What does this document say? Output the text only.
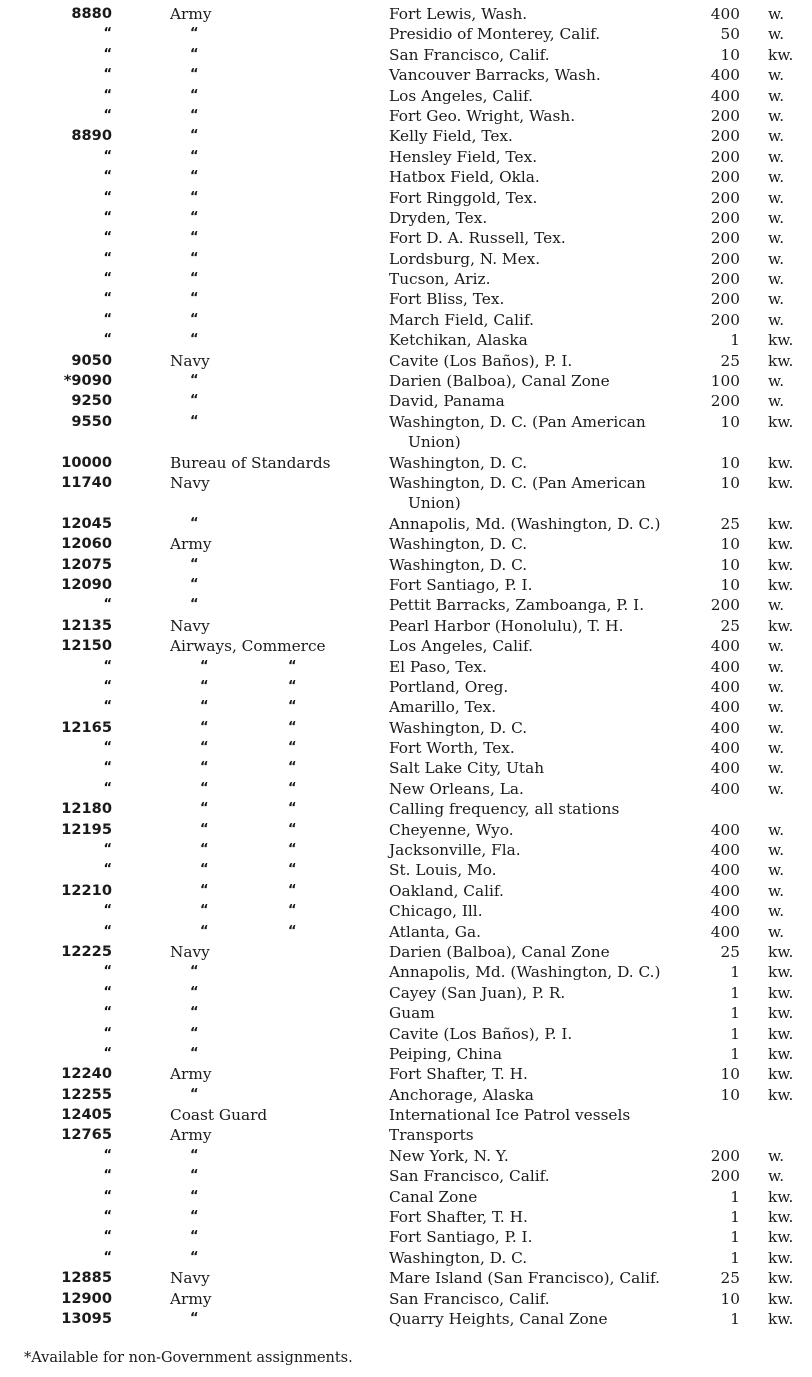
8880	Army	Fort Lewis, Wash.	400 w.
“	“	Presidio of Monterey, Calif.	50 w.
“	“	San Francisco, Calif.	10 kw.
“	“	Vancouver Barracks, Wash.	400 w.
“	“	Los Angeles, Calif.	400 w.
“	“	Fort Geo. Wright, Wash.	200 w.
8890	“	Kelly Field, Tex.	200 w.
“	“	Hensley Field, Tex.	200 w.
“	“	Hatbox Field, Okla.	200 w.
“	“	Fort Ringgold, Tex.	200 w.
“	“	Dryden, Tex.	200 w.
“	“	Fort D. A. Russell, Tex.	200 w.
“	“	Lordsburg, N. Mex.	200 w.
“	“	Tucson, Ariz.	200 w.
“	“	Fort Bliss, Tex.	200 w.
“	“	March Field, Calif.	200 w.
“	“	Ketchikan, Alaska	1 kw.
9050	Navy	Cavite (Los Baños), P. I.	25 kw.
*9090	“	Darien (Balboa), Canal Zone	100 w.
9250	“	David, Panama	200 w.
9550	“	Washington, D. C. (Pan American	10 kw.
Union)
10000	Bureau of Standards	Washington, D. C.	10 kw.
11740	Navy	Washington, D. C. (Pan American	10 kw.
Union)
12045	“	Annapolis, Md. (Washington, D. C.)	25 kw.
12060	Army	Washington, D. C.	10 kw.
12075	“	Washington, D. C.	10 kw.
12090	“	Fort Santiago, P. I.	10 kw.
“	“	Pettit Barracks, Zamboanga, P. I.	200 w.
12135	Navy	Pearl Harbor (Honolulu), T. H.	25 kw.
12150	Airways, Commerce	Los Angeles, Calif.	400 w.
“	“	“	El Paso, Tex.	400 w.
“	“	“	Portland, Oreg.	400 w.
“	“	“	Amarillo, Tex.	400 w.
12165	“	“	Washington, D. C.	400 w.
“	“	“	Fort Worth, Tex.	400 w.
“	“	“	Salt Lake City, Utah	400 w.
“	“	“	New Orleans, La.	400 w.
12180	“	“	Calling frequency, all stations
12195	“	“	Cheyenne, Wyo.	400 w.
“	“	“	Jacksonville, Fla.	400 w.
“	“	“	St. Louis, Mo.	400 w.
12210	“	“	Oakland, Calif.	400 w.
“	“	“	Chicago, Ill.	400 w.
“	“	“	Atlanta, Ga.	400 w.
12225	Navy	Darien (Balboa), Canal Zone	25 kw.
“	“	Annapolis, Md. (Washington, D. C.)	1 kw.
“	“	Cayey (San Juan), P. R.	1 kw.
“	“	Guam	1 kw.
“	“	Cavite (Los Baños), P. I.	1 kw.
“	“	Peiping, China	1 kw.
12240	Army	Fort Shafter, T. H.	10 kw.
12255	“	Anchorage, Alaska	10 kw.
12405	Coast Guard	International Ice Patrol vessels
12765	Army	Transports
“	“	New York, N. Y.	200 w.
“	“	San Francisco, Calif.	200 w.
“	“	Canal Zone	1 kw.
“	“	Fort Shafter, T. H.	1 kw.
“	“	Fort Santiago, P. I.	1 kw.
“	“	Washington, D. C.	1 kw.
12885	Navy	Mare Island (San Francisco), Calif.	25 kw.
12900	Army	San Francisco, Calif.	10 kw.
13095	“	Quarry Heights, Canal Zone	1 kw.
*Available for non-Government assignments.
